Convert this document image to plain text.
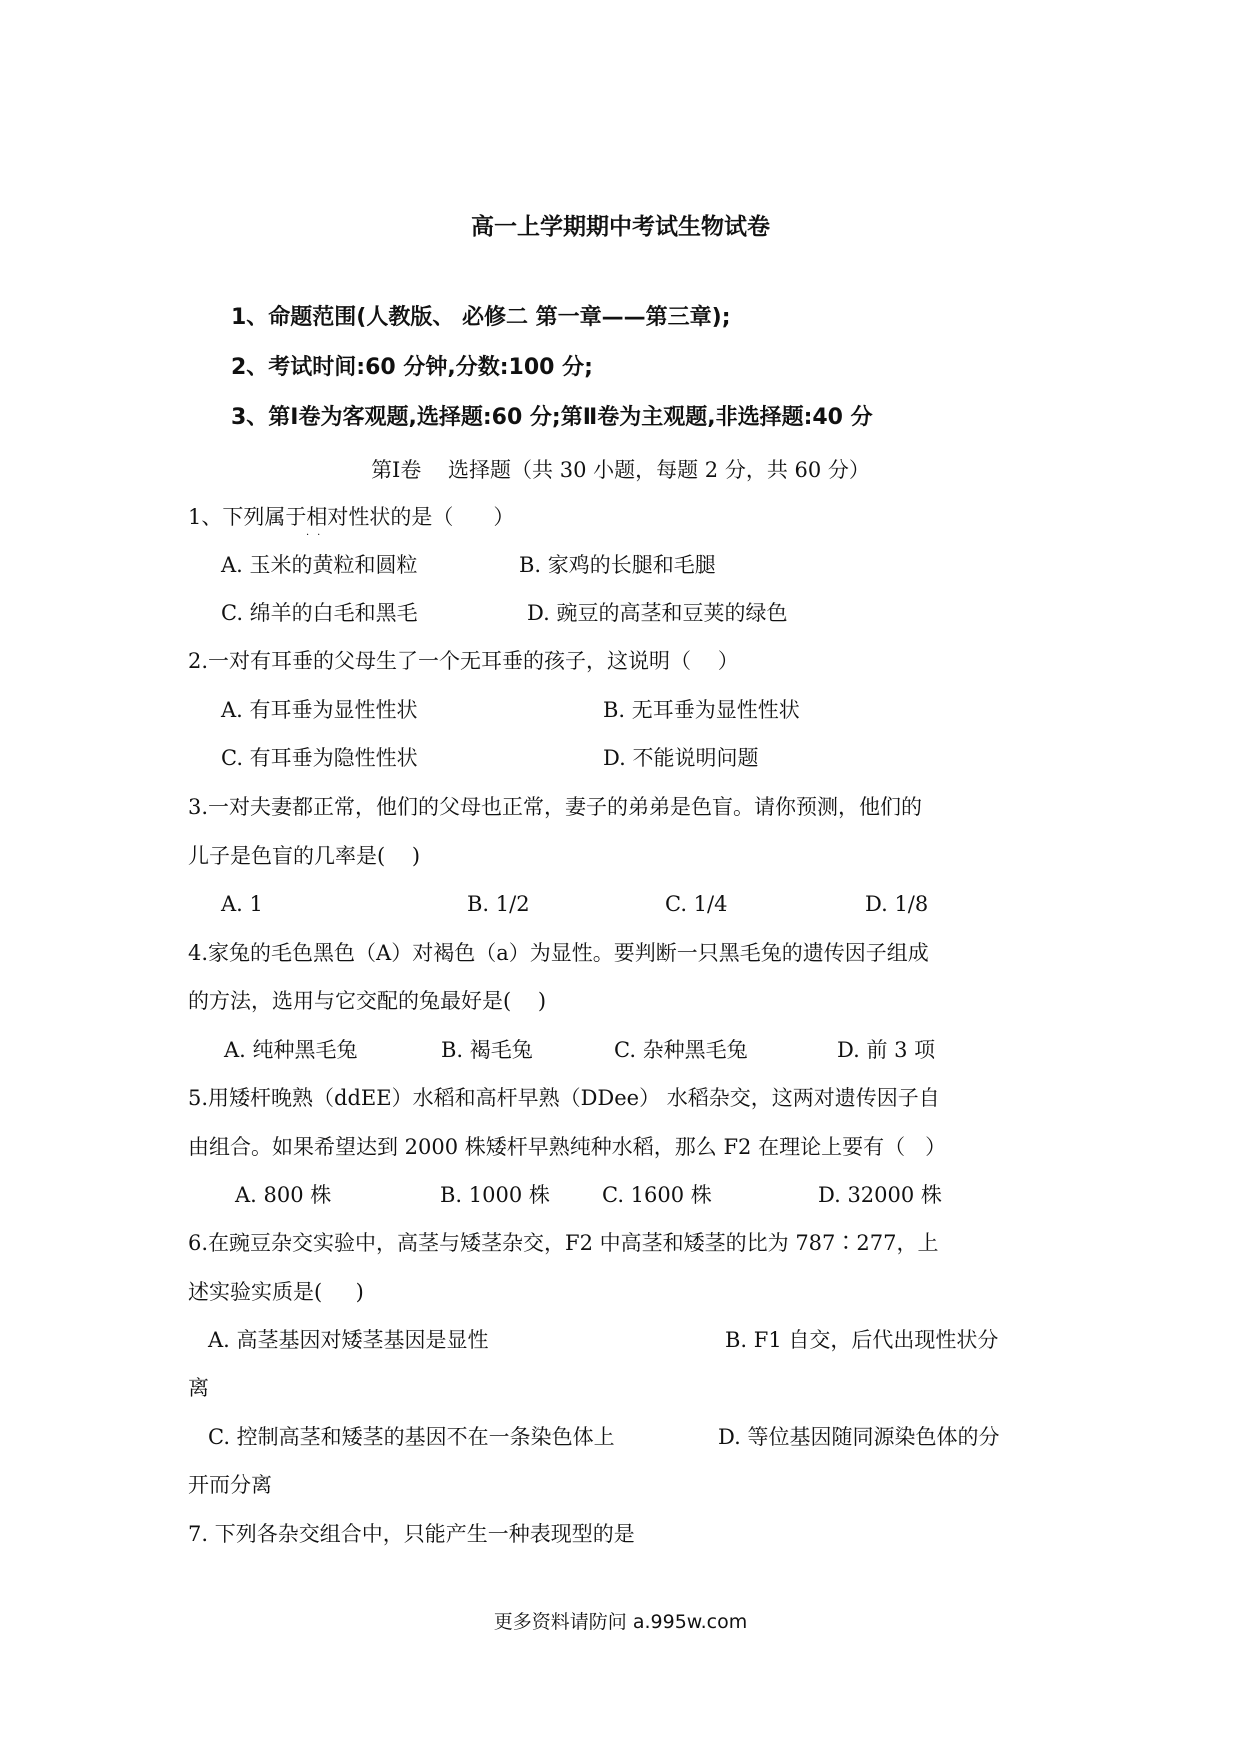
高一上学期期中考试生物试卷
1、命题范围(人教版、 必修二 第一章——第三章);
2、考试时间:60 分钟,分数:100 分;
3、第Ⅰ卷为客观题,选择题:60 分;第Ⅱ卷为主观题,非选择题:40 分
第Ⅰ卷    选择题（共 30 小题，每题 2 分，共 60 分）
1、下列属于相对性状的是（      ）
··
A. 玉米的黄粒和圆粒	B. 家鸡的长腿和毛腿
C. 绵羊的白毛和黑毛	D. 豌豆的高茎和豆荚的绿色
2.一对有耳垂的父母生了一个无耳垂的孩子，这说明（    ）
A. 有耳垂为显性性状	B. 无耳垂为显性性状
C. 有耳垂为隐性性状	D. 不能说明问题
3.一对夫妻都正常，他们的父母也正常，妻子的弟弟是色盲。请你预测，他们的
儿子是色盲的几率是(    )
A. 1	B. 1/2	C. 1/4	D. 1/8
4.家兔的毛色黑色（A）对褐色（a）为显性。要判断一只黑毛兔的遗传因子组成
的方法，选用与它交配的兔最好是(    )
A. 纯种黑毛兔	B. 褐毛兔	C. 杂种黑毛兔	D. 前 3 项
5.用矮杆晚熟（ddEE）水稻和高杆早熟（DDee） 水稻杂交，这两对遗传因子自
由组合。如果希望达到 2000 株矮杆早熟纯种水稻，那么 F2 在理论上要有（   ）
A. 800 株	B. 1000 株 C. 1600 株	D. 32000 株
6.在豌豆杂交实验中，高茎与矮茎杂交，F2 中高茎和矮茎的比为 787∶277，上
述实验实质是(     )
A. 高茎基因对矮茎基因是显性	B. F1 自交，后代出现性状分
离
C. 控制高茎和矮茎的基因不在一条染色体上	D. 等位基因随同源染色体的分
开而分离
7. 下列各杂交组合中，只能产生一种表现型的是
更多资料请防问 a.995w.com
